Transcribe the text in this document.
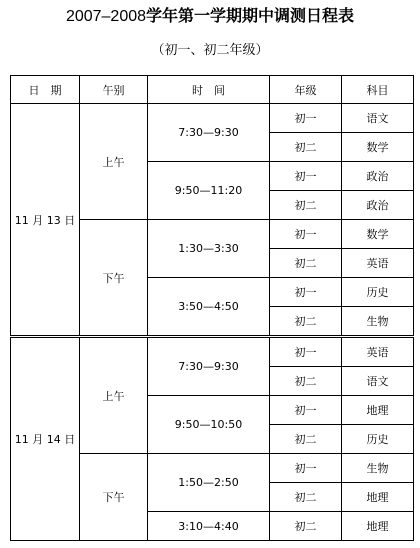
2007–2008学年第一学期期中调测日程表
（初一、初二年级）
日　期	午别	时　间	年级	科目
11 月 13 日	上午	7:30—9:30	初一	语文
			初二	数学
		9:50—11:20	初一	政治
			初二	政治
	下午	1:30—3:30	初一	数学
			初二	英语
		3:50—4:50	初一	历史
			初二	生物
11 月 14 日	上午	7:30—9:30	初一	英语
			初二	语文
		9:50—10:50	初一	地理
			初二	历史
	下午	1:50—2:50	初一	生物
			初二	地理
		3:10—4:40	初二	地理
